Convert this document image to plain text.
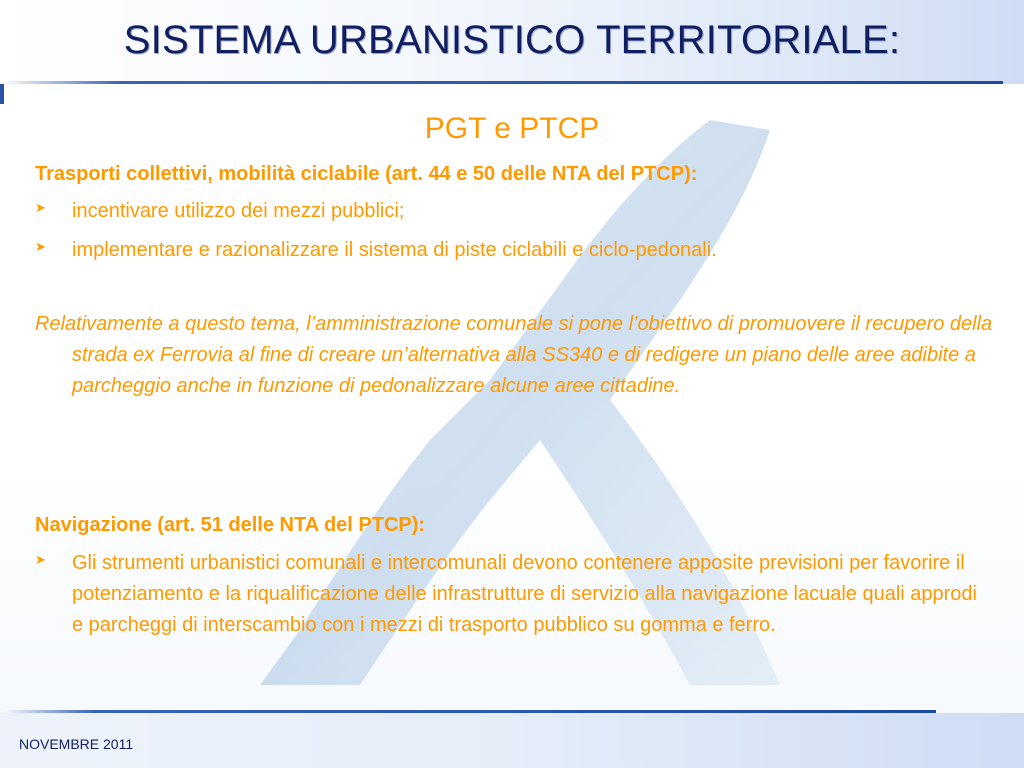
SISTEMA URBANISTICO TERRITORIALE:
PGT e PTCP
Trasporti collettivi, mobilità ciclabile (art. 44 e 50 delle NTA del PTCP):
➤ incentivare utilizzo dei mezzi pubblici;
➤ implementare e razionalizzare il sistema di piste ciclabili e ciclo-pedonali.
Relativamente a questo tema, l’amministrazione comunale si pone l’obiettivo di promuovere il recupero della strada ex Ferrovia al fine di creare un’alternativa alla SS340 e di redigere un piano delle aree adibite a parcheggio anche in funzione di pedonalizzare alcune aree cittadine.
Navigazione (art. 51 delle NTA del PTCP):
➤ Gli strumenti urbanistici comunali e intercomunali devono contenere apposite previsioni per favorire il potenziamento e la riqualificazione delle infrastrutture di servizio alla navigazione lacuale quali approdi e parcheggi di interscambio con i mezzi di trasporto pubblico su gomma e ferro.
NOVEMBRE 2011
